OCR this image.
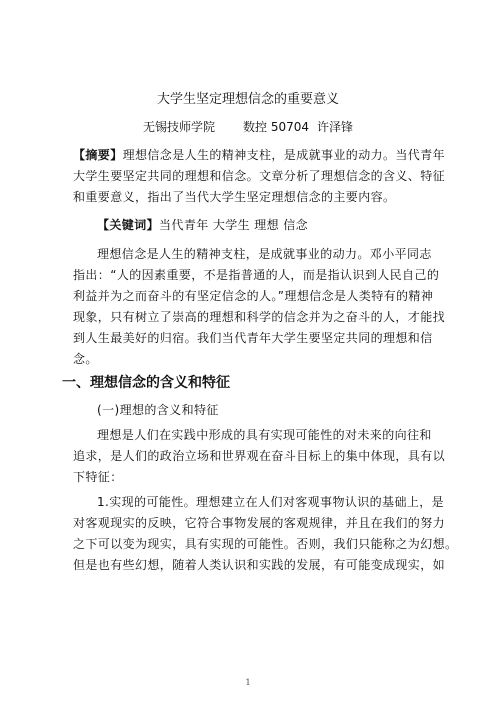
大学生坚定理想信念的重要意义
无锡技师学院 数控 50704 许泽锋
【摘要】理想信念是人生的精神支柱，是成就事业的动力。当代青年
大学生要坚定共同的理想和信念。文章分析了理想信念的含义、特征
和重要意义，指出了当代大学生坚定理想信念的主要内容。
【关键词】当代青年 大学生 理想 信念
理想信念是人生的精神支柱，是成就事业的动力。邓小平同志
指出：“人的因素重要，不是指普通的人，而是指认识到人民自己的
利益并为之而奋斗的有坚定信念的人。”理想信念是人类特有的精神
现象，只有树立了崇高的理想和科学的信念并为之奋斗的人，才能找
到人生最美好的归宿。我们当代青年大学生要坚定共同的理想和信
念。
一、理想信念的含义和特征
(一)理想的含义和特征
理想是人们在实践中形成的具有实现可能性的对未来的向往和
追求，是人们的政治立场和世界观在奋斗目标上的集中体现，具有以
下特征：
1.实现的可能性。理想建立在人们对客观事物认识的基础上，是
对客观现实的反映，它符合事物发展的客观规律，并且在我们的努力
之下可以变为现实，具有实现的可能性。否则，我们只能称之为幻想。
但是也有些幻想，随着人类认识和实践的发展，有可能变成现实，如
1
